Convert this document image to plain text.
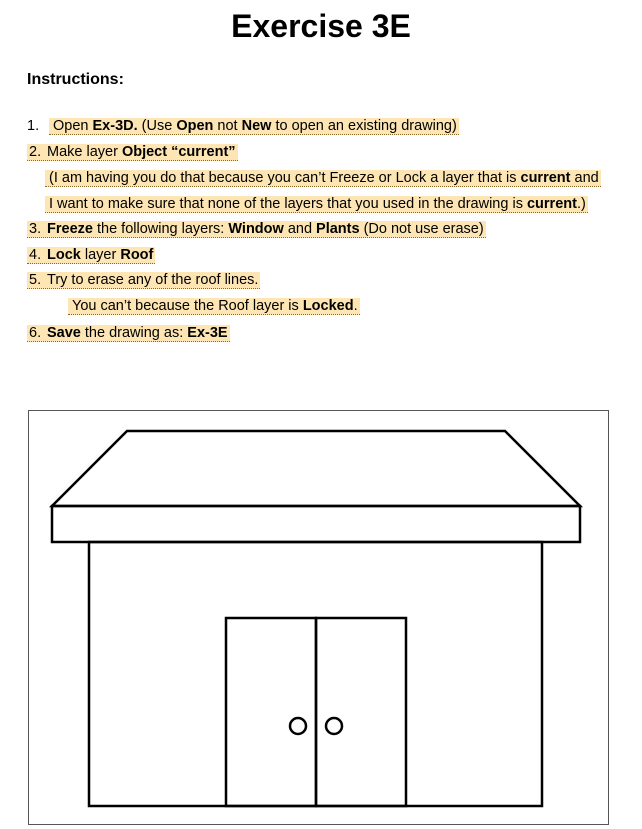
Exercise 3E
Instructions:
1. Open Ex-3D. (Use Open not New to open an existing drawing)
2. Make layer Object “current”
(I am having you do that because you can’t Freeze or Lock a layer that is current and
I want to make sure that none of the layers that you used in the drawing is current.)
3. Freeze the following layers: Window and Plants (Do not use erase)
4. Lock layer Roof
5. Try to erase any of the roof lines.
You can’t because the Roof layer is Locked.
6. Save the drawing as: Ex-3E
